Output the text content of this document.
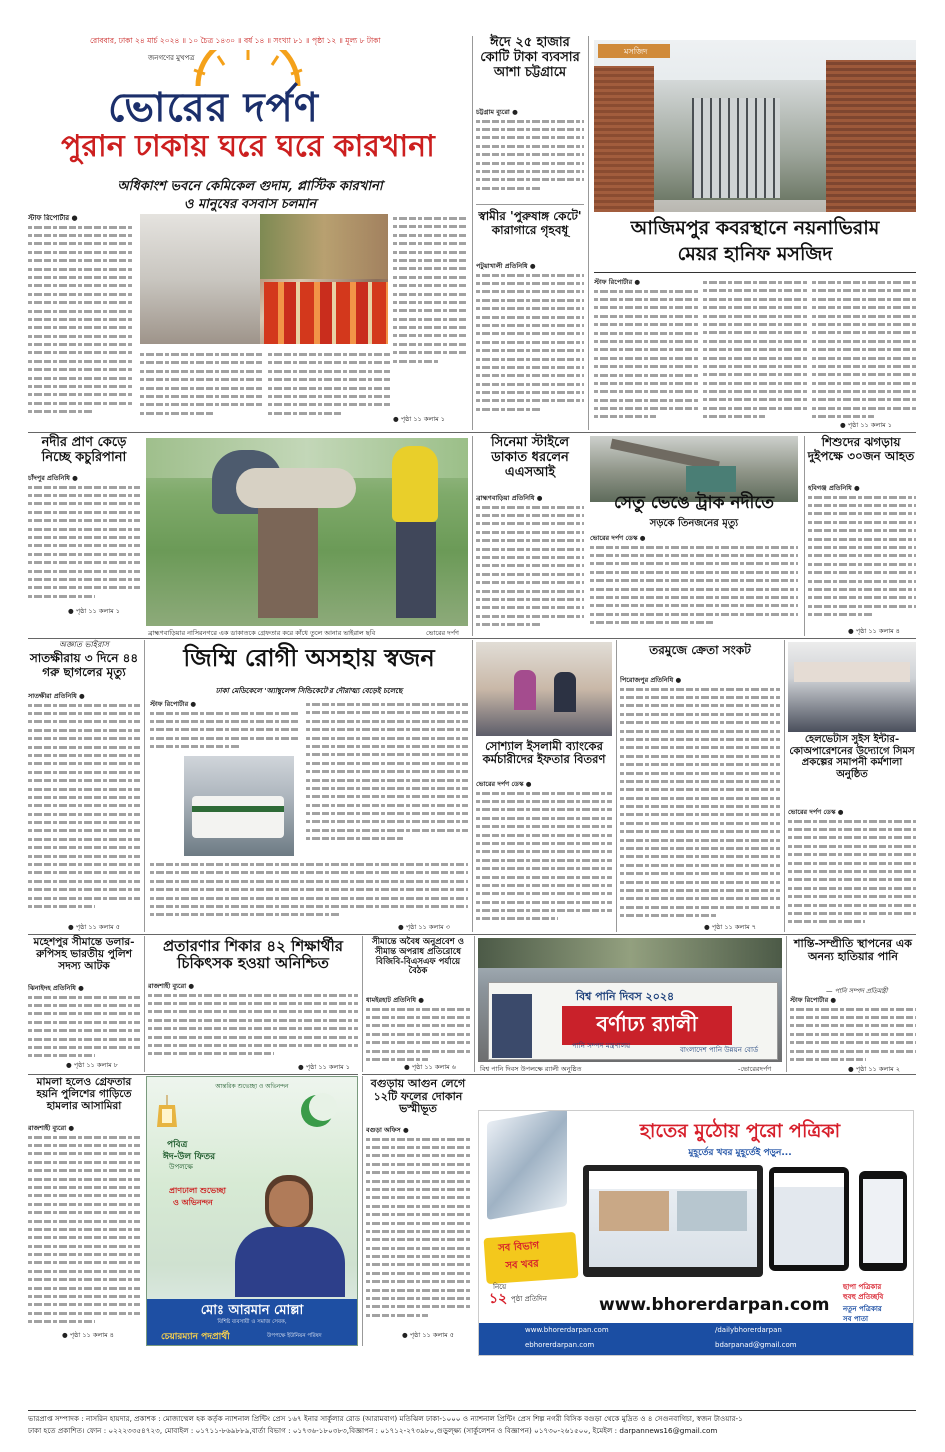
রোববার, ঢাকা ২৪ মার্চ ২০২৪ ॥ ১০ চৈত্র ১৪৩০ ॥ বর্ষ ১৪ ॥ সংখ্যা ৮১ ॥ পৃষ্ঠা ১২ ॥ মূল্য ৮ টাকা
জনগণের মুখপত্র
ভোরের দর্পণ
পুরান ঢাকায় ঘরে ঘরে কারখানা
অধিকাংশ ভবনে কেমিকেল গুদাম, প্লাস্টিক কারখানা
ও মানুষের বসবাস চলমান
স্টাফ রিপোর্টার ●
● পৃষ্ঠা ১১ কলাম ১
ঈদে ২৫ হাজার কোটি টাকা ব্যবসার আশা চট্টগ্রামে
চট্টগ্রাম ব্যুরো ●
স্বামীর 'পুরুষাঙ্গ কেটে' কারাগারে গৃহবধূ
পটুয়াখালী প্রতিনিধি ●
মসজিদ
আজিমপুর কবরস্থানে নয়নাভিরাম
মেয়র হানিফ মসজিদ
স্টাফ রিপোর্টার ●
● পৃষ্ঠা ১১ কলাম ১
নদীর প্রাণ কেড়ে নিচ্ছে কচুরিপানা
চাঁদপুর প্রতিনিধি ●
● পৃষ্ঠা ১১ কলাম ১
ব্রাহ্মণবাড়িয়ার নাসিরনগরে এক ডাকাতকে গ্রেফতার করে কাঁধে তুলে আনার ভাইরাল ছবি	ভোরের দর্পণ
সিনেমা স্টাইলে ডাকাত ধরলেন এএসআই
ব্রাহ্মণবাড়িয়া প্রতিনিধি ●	সেতু ভেঙে ট্রাক নদীতে
সড়কে তিনজনের মৃত্যু
ভোরের দর্পণ ডেস্ক ●
শিশুদের ঝগড়ায় দুইপক্ষে ৩০জন আহত
হবিগঞ্জ প্রতিনিধি ●
● পৃষ্ঠা ১১ কলাম ৪
অজ্ঞাত ভাইরাস
সাতক্ষীরায় ৩ দিনে ৪৪ গরু ছাগলের মৃত্যু
সাতক্ষীরা প্রতিনিধি ●
● পৃষ্ঠা ১১ কলাম ৫
জিম্মি রোগী অসহায় স্বজন
ঢাকা মেডিকেলে 'অ্যাম্বুলেন্স সিন্ডিকেটে'র দৌরাত্ম্য বেড়েই চলেছে
স্টাফ রিপোর্টার ●
● পৃষ্ঠা ১১ কলাম ৩
সোশ্যাল ইসলামী ব্যাংকের কর্মচারীদের ইফতার বিতরণ
ভোরের দর্পণ ডেস্ক ●
তরমুজে ক্রেতা সংকট
পিরোজপুর প্রতিনিধি ●
● পৃষ্ঠা ১১ কলাম ৭
হেলভেটাস সুইস ইন্টার-কোঅপারেশনের উদ্যোগে সিমস প্রকল্পের সমাপনী কর্মশালা অনুষ্ঠিত
ভোরের দর্পণ ডেস্ক ●
মহেশপুর সীমান্তে ডলার-রুপিসহ ভারতীয় পুলিশ সদস্য আটক
ঝিনাইদহ প্রতিনিধি ●
● পৃষ্ঠা ১১ কলাম ৮
প্রতারণার শিকার ৪২ শিক্ষার্থীর চিকিৎসক হওয়া অনিশ্চিত
রাজশাহী ব্যুরো ●
● পৃষ্ঠা ১১ কলাম ১
সীমান্তে অবৈধ অনুপ্রবেশ ও সীমান্ত অপরাধ প্রতিরোধে বিজিবি-বিএসএফ পর্যায়ে বৈঠক
ধামইরহাট প্রতিনিধি ●
● পৃষ্ঠা ১১ কলাম ৬
বিশ্ব পানি দিবস ২০২৪
বর্ণাঢ্য র‌্যালী
পানি সম্পদ মন্ত্রণালয়	বাংলাদেশ পানি উন্নয়ন বোর্ড
বিশ্ব পানি দিবস উপলক্ষে র‌্যালী অনুষ্ঠিত	-ভোরেরদর্পণ
শান্তি-সম্প্রীতি স্থাপনের এক অনন্য হাতিয়ার পানি
— পানি সম্পদ প্রতিমন্ত্রী
স্টাফ রিপোর্টার ●
● পৃষ্ঠা ১১ কলাম ২
মামলা হলেও গ্রেফতার হয়নি পুলিশের গাড়িতে হামলার আসামিরা
রাজশাহী ব্যুরো ●
● পৃষ্ঠা ১১ কলাম ৪
আন্তরিক শুভেচ্ছা ও অভিনন্দন
পবিত্র
ঈদ-উল ফিতর
উপলক্ষে
প্রাণঢালা শুভেচ্ছা
ও অভিনন্দন
মোঃ আরমান মোল্লা
বিশিষ্ট ব্যবসায়ী ও সমাজ সেবক,
চেয়ারম্যান পদপ্রার্থী	উপপক্ষে ইউনিয়ন পরিষদ
বগুড়ায় আগুন লেগে ১২টি ফলের দোকান ভস্মীভূত
বগুড়া অফিস ●
● পৃষ্ঠা ১১ কলাম ৫
হাতের মুঠোয় পুরো পত্রিকা
মুহূর্তের খবর মুহূর্তেই পড়ুন...
সব বিভাগ
সব খবর
নিয়ে
১২ পৃষ্ঠা প্রতিদিন
ছাপা পত্রিকার
হুবহু প্রতিচ্ছবি
নতুন পত্রিকার
সব পাতা
www.bhorerdarpan.com
www.bhorerdarpan.com	/dailybhorerdarpan
ebhorerdarpan.com	bdarpanad@gmail.com
ভারপ্রাপ্ত সম্পাদক : নাসরিন হায়দার, প্রকাশক : মোজাম্মেল হক কর্তৃক ন্যাশনাল প্রিন্টিং প্রেস ১৬৭ ইনার সার্কুলার রোড (আরামবাগ) মতিঝিল ঢাকা-১০০০ ও ন্যাশনাল প্রিন্টিং প্রেস শিল্প নগরী বিসিক বগুড়া থেকে মুদ্রিত ও ৪ সেগুনবাগিচা, স্বজন টাওয়ার-১
ঢাকা হতে প্রকাশিত। ফোন : ০২২২৩৩৫৪৭২৩, মোবাইল : ০১৭১১-৮৬৯৮৮৯,বার্তা বিভাগ : ০১৭৩৬-১৮০৩৮৩,বিজ্ঞাপন : ০১৭১২-২৭৩৯৮০,গুড়ুল্ক্ষ্য (সার্কুলেশন ও বিজ্ঞাপন) ০১৭৩০-২৬১৫০০, ইমেইল : darpannews16@gmail.com
